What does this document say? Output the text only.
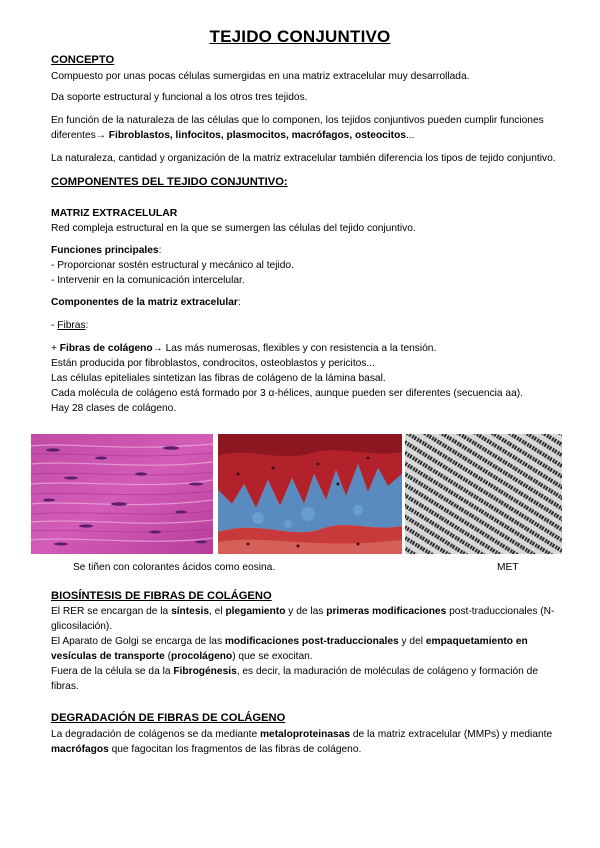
TEJIDO CONJUNTIVO
CONCEPTO

Compuesto por unas pocas células sumergidas en una matriz extracelular muy desarrollada.

Da soporte estructural y funcional a los otros tres tejidos.

En función de la naturaleza de las células que lo componen, los tejidos conjuntivos pueden cumplir funciones diferentes→ Fibroblastos, linfocitos, plasmocitos, macrófagos, osteocitos...

La naturaleza, cantidad y organización de la matriz extracelular también diferencia los tipos de tejido conjuntivo.

COMPONENTES DEL TEJIDO CONJUNTIVO:
MATRIZ EXTRACELULAR

Red compleja estructural en la que se sumergen las células del tejido conjuntivo.

Funciones principales:

- Proporcionar sostén estructural y mecánico al tejido.

- Intervenir en la comunicación intercelular.

Componentes de la matriz extracelular:

- Fibras:

+ Fibras de colágeno→ Las más numerosas, flexibles y con resistencia a la tensión.

Están producida por fibroblastos, condrocitos, osteoblastos y pericitos...

Las células epiteliales sintetizan las fibras de colágeno de la lámina basal.

Cada molécula de colágeno está formado por 3 α-hélices, aunque pueden ser diferentes (secuencia aa).

Hay 28 clases de colágeno.

Se tiñen con colorantes ácidos como eosina.	MET
BIOSÍNTESIS DE FIBRAS DE COLÁGENO

El RER se encargan de la síntesis, el plegamiento y de las primeras modificaciones post-traduccionales (N-glicosilación).

El Aparato de Golgi se encarga de las modificaciones post-traduccionales y del empaquetamiento en vesículas de transporte (procolágeno) que se exocitan.

Fuera de la célula se da la Fibrogénesis, es decir, la maduración de moléculas de colágeno y formación de fibras.

DEGRADACIÓN DE FIBRAS DE COLÁGENO

La degradación de colágenos se da mediante metaloproteinasas de la matriz extracelular (MMPs) y mediante macrófagos que fagocitan los fragmentos de las fibras de colágeno.
